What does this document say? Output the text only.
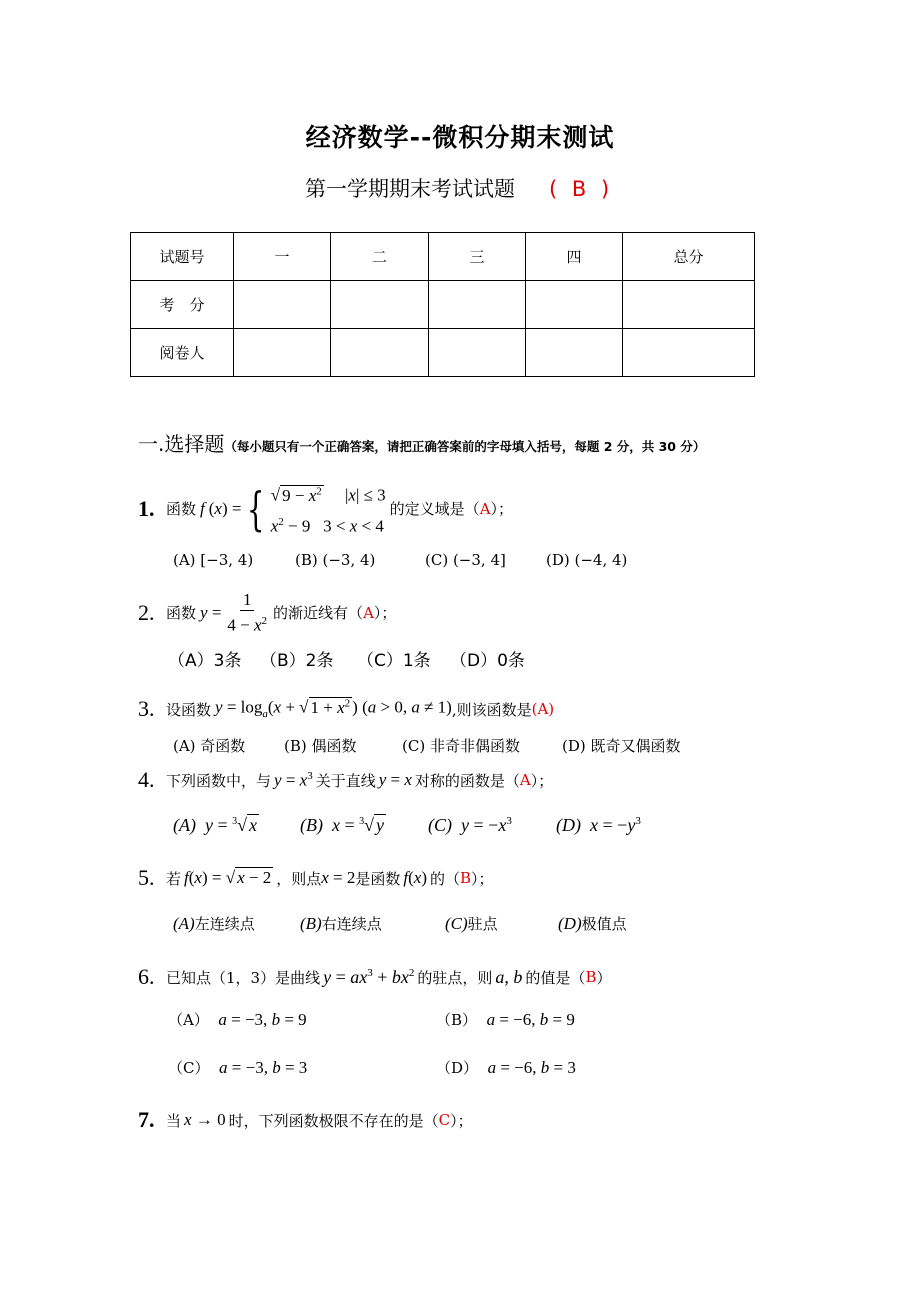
经济数学--微积分期末测试
第一学期期末考试试题 ( B )
试题号	一	二	三	四	总分
考　分					
阅卷人					
一.选择题（每小题只有一个正确答案，请把正确答案前的字母填入括号，每题 2 分，共 30 分）
1. 函数 f ( x ) = { √ $9 - x^2$     |x| ≤ 3
$x^2 - 9$   3 < x < 4
的定义域是（ A ）；
(A) [−3, 4)	(B) (−3, 4)	(C) (−3, 4]	(D) (−4, 4)
2. 函数 $y = \frac{1}{4 - x^2}$ 的渐近线有（ A ）；
（A）3条 （B）2条 （C）1条 （D）0条
3. 设函数 $y = \log_a(x$ + √ $1 + x^2$ ) (a > 0, a ≠ 1) ,则该函数是 (A)
(A) 奇函数	(B) 偶函数	(C) 非奇非偶函数	(D) 既奇又偶函数
4. 下列函数中，与 $y = x^3$ 关于直线 y = x 对称的函数是（ A ）；
(A) y = $^3$√ x (B) x = $^3$√ y (C) $y = -x^3$ (D) $x = -y^3$
5. 若 f(x) = √ x − 2 ，则点 x = 2 是函数 f(x) 的（ B ）；
(A)左连续点	(B)右连续点	(C)驻点	(D)极值点
6. 已知点（1，3）是曲线 $y = ax^3 + bx^2$ 的驻点，则 a, b 的值是（ B ）
（A）  a = −3, b = 9	（B）  a = −6, b = 9
（C）  a = −3, b = 3	（D）  a = −6, b = 3
7. 当 x → 0 时，下列函数极限不存在的是（ C ）；
